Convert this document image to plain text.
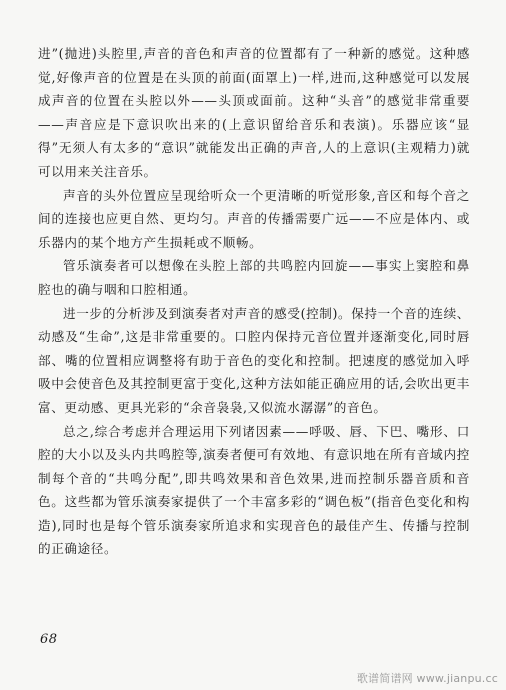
进”(抛进)头腔里,声音的音色和声音的位置都有了一种新的感觉。这种感觉,好像声音的位置是在头顶的前面(面罩上)一样,进而,这种感觉可以发展成声音的位置在头腔以外——头顶或面前。这种“头音”的感觉非常重要——声音应是下意识吹出来的(上意识留给音乐和表演)。乐器应该“显得”无须人有太多的“意识”就能发出正确的声音,人的上意识(主观精力)就可以用来关注音乐。

声音的头外位置应呈现给听众一个更清晰的听觉形象,音区和每个音之间的连接也应更自然、更均匀。声音的传播需要广远——不应是体内、或乐器内的某个地方产生损耗或不顺畅。

管乐演奏者可以想像在头腔上部的共鸣腔内回旋——事实上窦腔和鼻腔也的确与咽和口腔相通。

进一步的分析涉及到演奏者对声音的感受(控制)。保持一个音的连续、动感及“生命”,这是非常重要的。口腔内保持元音位置并逐渐变化,同时唇部、嘴的位置相应调整将有助于音色的变化和控制。把速度的感觉加入呼吸中会使音色及其控制更富于变化,这种方法如能正确应用的话,会吹出更丰富、更动感、更具光彩的“余音袅袅,又似流水潺潺”的音色。

总之,综合考虑并合理运用下列诸因素——呼吸、唇、下巴、嘴形、口腔的大小以及头内共鸣腔等,演奏者便可有效地、有意识地在所有音域内控制每个音的“共鸣分配”,即共鸣效果和音色效果,进而控制乐器音质和音色。这些都为管乐演奏家提供了一个丰富多彩的“调色板”(指音色变化和构造),同时也是每个管乐演奏家所追求和实现音色的最佳产生、传播与控制的正确途径。

68
歌谱简谱网 www.jianpu.cc
